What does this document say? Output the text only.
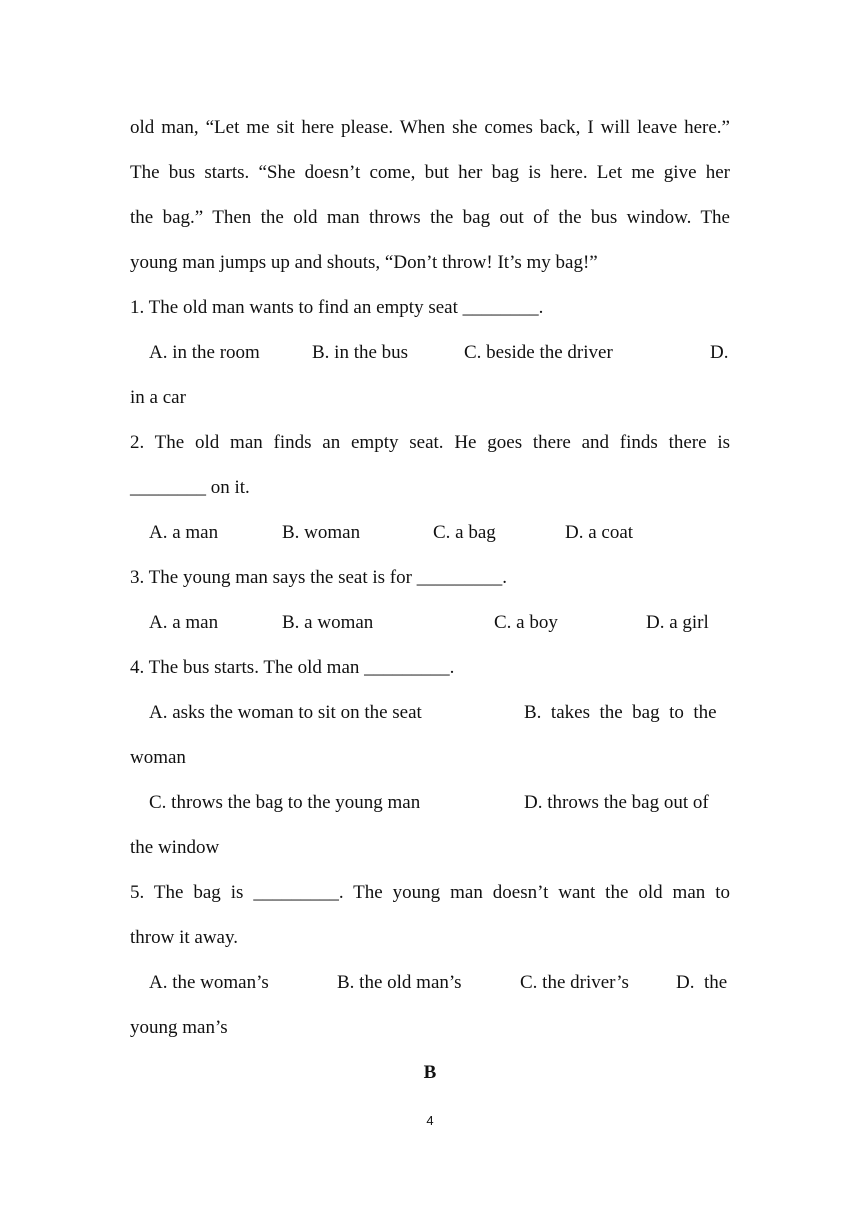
old man, “Let me sit here please. When she comes back, I will leave here.”
The bus starts. “She doesn’t come, but her bag is here. Let me give her
the bag.” Then the old man throws the bag out of the bus window. The
young man jumps up and shouts, “Don’t throw! It’s my bag!”
1. The old man wants to find an empty seat ________.
A. in the room	B. in the bus	C. beside the driver	D.
in a car
2. The old man finds an empty seat. He goes there and finds there is
________ on it.
A. a man	B. woman	C. a bag	D. a coat
3. The young man says the seat is for _________.
A. a man	B. a woman	C. a boy	D. a girl
4. The bus starts. The old man _________.
A. asks the woman to sit on the seat	B.  takes  the  bag  to  the
woman
C. throws the bag to the young man	D. throws the bag out of
the window
5. The bag is _________. The young man doesn’t want the old man to
throw it away.
A. the woman’s	B. the old man’s	C. the driver’s D.  the
young man’s
B
4
